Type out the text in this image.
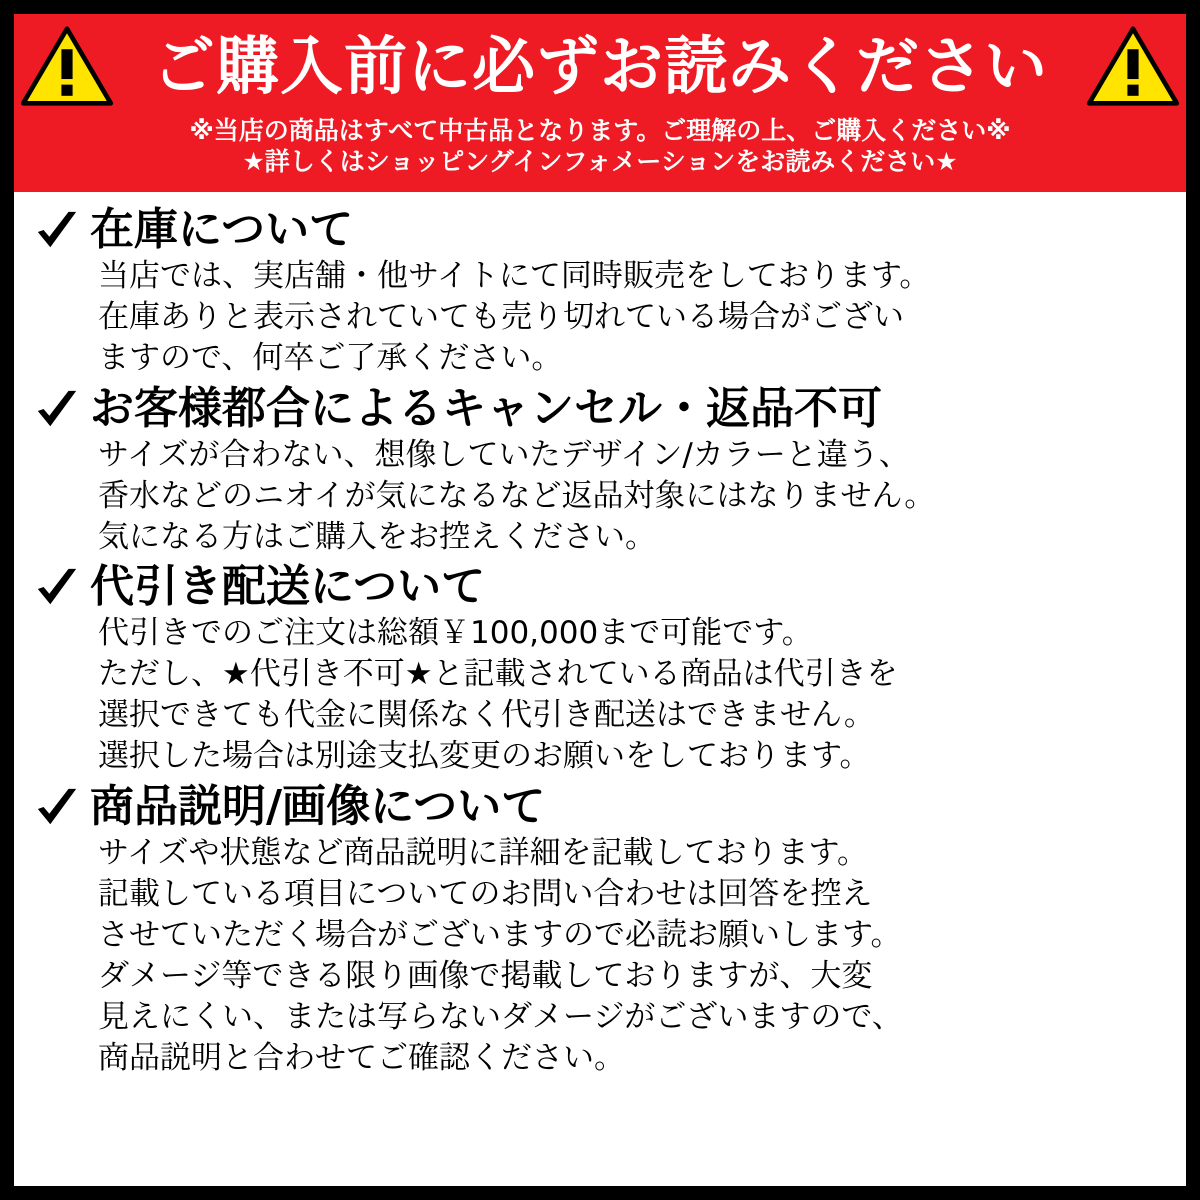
ご購入前に必ずお読みください
※当店の商品はすべて中古品となります。ご理解の上、ご購入ください※
★詳しくはショッピングインフォメーションをお読みください★
在庫について
当店では、実店舗・他サイトにて同時販売をしております。
在庫ありと表示されていても売り切れている場合がござい
ますので、何卒ご了承ください。
お客様都合によるキャンセル・返品不可
サイズが合わない、想像していたデザイン/カラーと違う、
香水などのニオイが気になるなど返品対象にはなりません。
気になる方はご購入をお控えください。
代引き配送について
代引きでのご注文は総額￥100,000まで可能です。
ただし、★代引き不可★と記載されている商品は代引きを
選択できても代金に関係なく代引き配送はできません。
選択した場合は別途支払変更のお願いをしております。
商品説明/画像について
サイズや状態など商品説明に詳細を記載しております。
記載している項目についてのお問い合わせは回答を控え
させていただく場合がございますので必読お願いします。
ダメージ等できる限り画像で掲載しておりますが、大変
見えにくい、または写らないダメージがございますので、
商品説明と合わせてご確認ください。
